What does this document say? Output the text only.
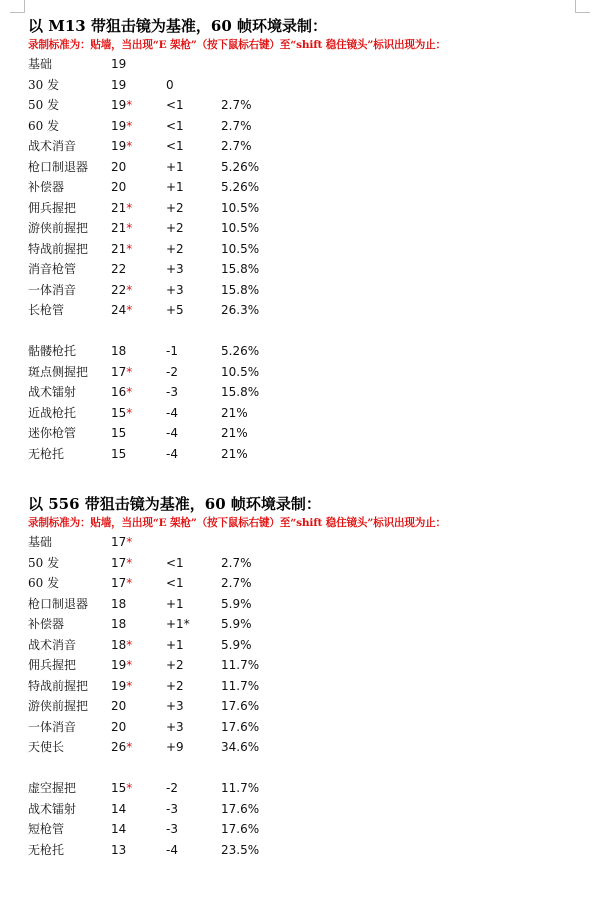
以 M13 带狙击镜为基准，60 帧环境录制：
录制标准为：贴墙，当出现“E 架枪”（按下鼠标右键）至“shift 稳住镜头”标识出现为止：
基础	19
30 发	19	0
50 发	19*	<1	2.7%
60 发	19*	<1	2.7%
战术消音	19*	<1	2.7%
枪口制退器 20	+1	5.26%
补偿器	20	+1	5.26%
佣兵握把	21*	+2	10.5%
游侠前握把 21*	+2	10.5%
特战前握把 21*	+2	10.5%
消音枪管	22	+3	15.8%
一体消音	22*	+3	15.8%
长枪管	24*	+5	26.3%
骷髅枪托	18	-1	5.26%
斑点侧握把 17*	-2	10.5%
战术镭射	16*	-3	15.8%
近战枪托	15*	-4	21%
迷你枪管	15	-4	21%
无枪托	15	-4	21%
以 556 带狙击镜为基准，60 帧环境录制：
录制标准为：贴墙，当出现“E 架枪”（按下鼠标右键）至“shift 稳住镜头”标识出现为止：
基础	17*
50 发	17*	<1	2.7%
60 发	17*	<1	2.7%
枪口制退器 18	+1	5.9%
补偿器	18	+1*	5.9%
战术消音	18*	+1	5.9%
佣兵握把	19*	+2	11.7%
特战前握把 19*	+2	11.7%
游侠前握把 20	+3	17.6%
一体消音	20	+3	17.6%
天使长	26*	+9	34.6%
虚空握把	15*	-2	11.7%
战术镭射	14	-3	17.6%
短枪管	14	-3	17.6%
无枪托	13	-4	23.5%
